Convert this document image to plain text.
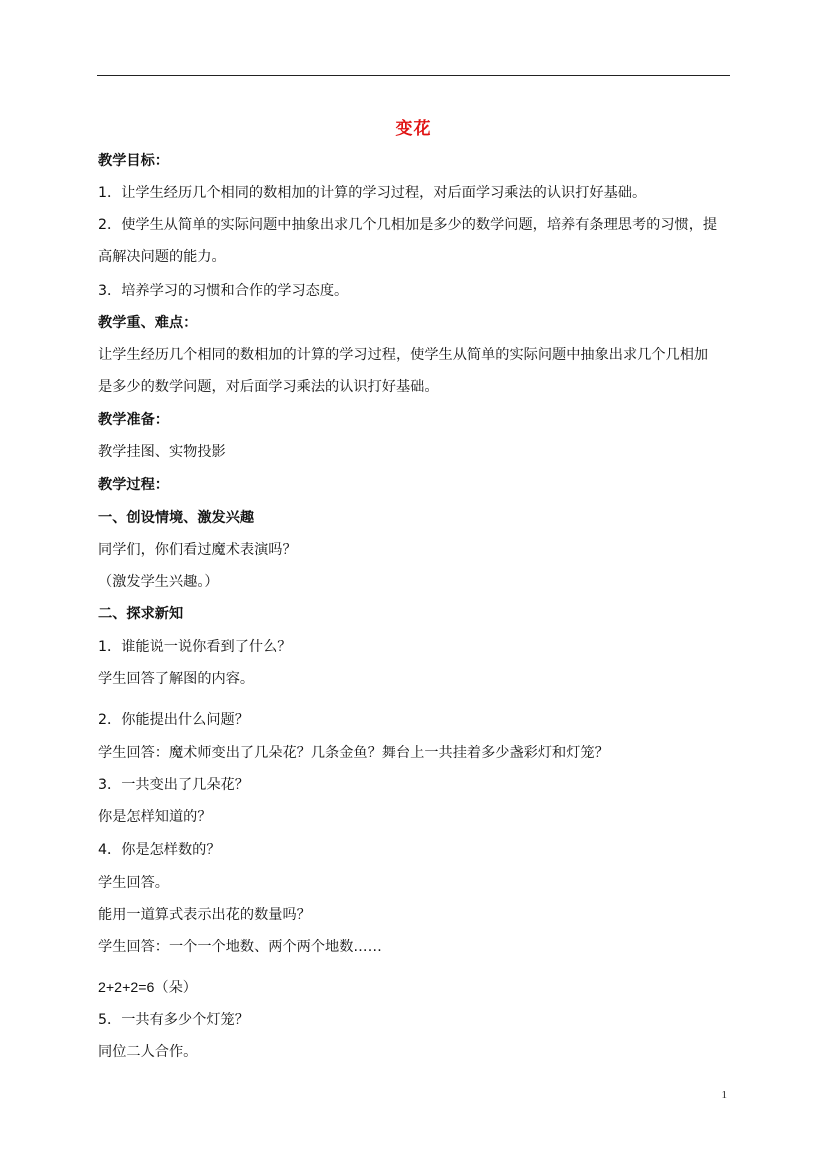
变花
教学目标：
1．让学生经历几个相同的数相加的计算的学习过程，对后面学习乘法的认识打好基础。
2．使学生从简单的实际问题中抽象出求几个几相加是多少的数学问题，培养有条理思考的习惯，提
高解决问题的能力。
3．培养学习的习惯和合作的学习态度。
教学重、难点：
让学生经历几个相同的数相加的计算的学习过程，使学生从简单的实际问题中抽象出求几个几相加
是多少的数学问题，对后面学习乘法的认识打好基础。
教学准备：
教学挂图、实物投影
教学过程：
一、创设情境、激发兴趣
同学们，你们看过魔术表演吗？
（激发学生兴趣。）
二、探求新知
1．谁能说一说你看到了什么？
学生回答了解图的内容。
2．你能提出什么问题？
学生回答：魔术师变出了几朵花？几条金鱼？舞台上一共挂着多少盏彩灯和灯笼？
3．一共变出了几朵花？
你是怎样知道的？
4．你是怎样数的？
学生回答。
能用一道算式表示出花的数量吗？
学生回答：一个一个地数、两个两个地数……
2+2+2=6（朵）
5．一共有多少个灯笼？
同位二人合作。
1
